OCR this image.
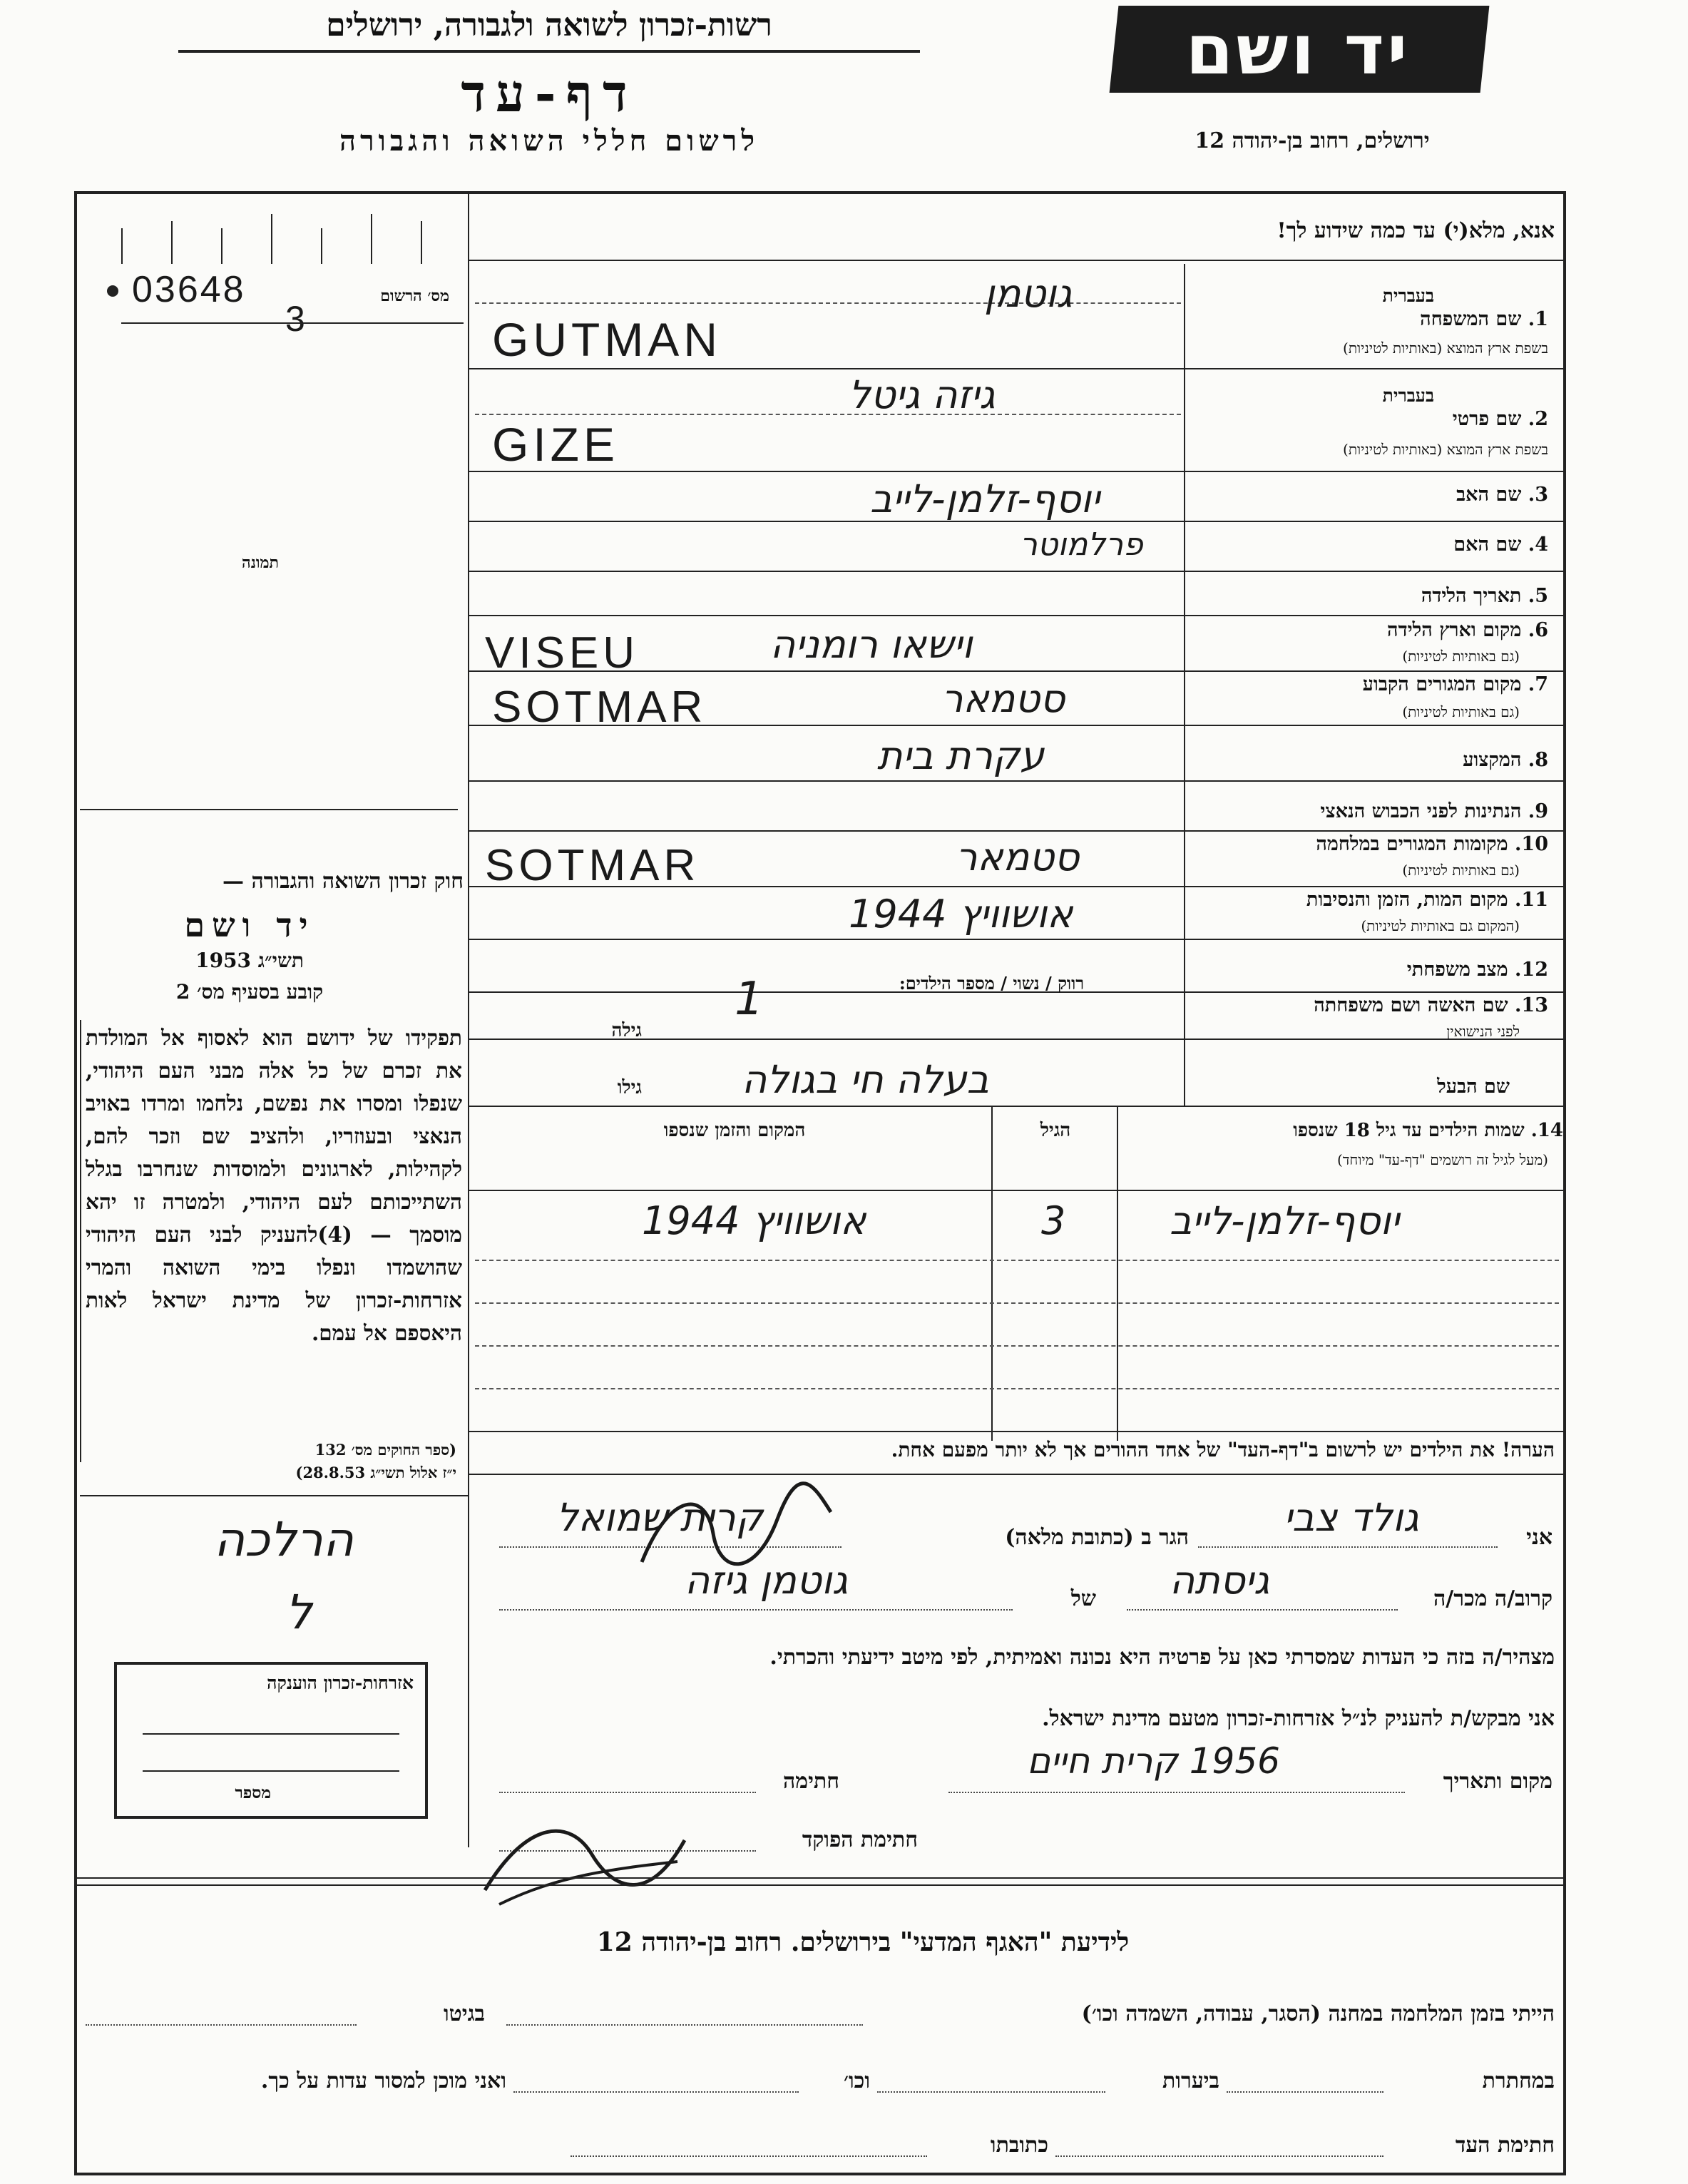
יד ושם
רשות-זכרון לשואה ולגבורה, ירושלים
דף-עד
לרשום חללי השואה והגבורה	ירושלים, רחוב בן-יהודה 12
מס׳ הרשום
03648
3
תמונה
חוק זכרון השואה והגבורה —
יד ושם
תשי״ג 1953
קובע בסעיף מס׳ 2
תפקידו של ידושם הוא לאסוף אל המולדת את זכרם של כל אלה מבני העם היהודי, שנפלו ומסרו את נפשם, נלחמו ומרדו באויב הנאצי ובעוזריו, ולהציב שם וזכר להם, לקהילות, לארגונים ולמוסדות שנחרבו בגלל השתייכותם לעם היהודי, ולמטרה זו יהא מוסמך — (4)להעניק לבני העם היהודי שהושמדו ונפלו בימי השואה והמרי אזרחות-זכרון של מדינת ישראל לאות היאספם אל עמם.
(ספר החוקים מס׳ 132
י״ז אלול תשי״ג 28.8.53)
הרלכה
ל
אזרחות-זכרון הוענקה
מספר
אנא, מלא(י) עד כמה שידוע לך!
בעברית
1. שם המשפחה
בשפת ארץ המוצא (באותיות לטיניות)
בעברית
2. שם פרטי
בשפת ארץ המוצא (באותיות לטיניות)
3. שם האב
4. שם האם
5. תאריך הלידה
6. מקום וארץ הלידה
(גם באותיות לטיניות)
7. מקום המגורים הקבוע
(גם באותיות לטיניות)
8. המקצוע
9. הנתינות לפני הכבוש הנאצי
10. מקומות המגורים במלחמה
(גם באותיות לטיניות)
11. מקום המות, הזמן והנסיבות
(המקום גם באותיות לטיניות)
12. מצב משפחתי
13. שם האשה ושם משפחתה
לפני הנישואין
שם הבעל
גוטמן
GUTMAN
גיזה גיטל
GIZE
יוסף-זלמן-לייב
פרלמוטר
וישאו רומניה
VISEU
סטמאר
SOTMAR
עקרת בית
סטמאר
SOTMAR
אושוויץ 1944
רווק / נשוי / מספר הילדים:
1
גילה
גילו	בעלה חי בגולה
14. שמות הילדים עד גיל 18 שנספו
(מעל לגיל זה רושמים "דף-עד" מיוחד)
הגיל
המקום והזמן שנספו
יוסף-זלמן-לייב
3
אושוויץ 1944
הערה! את הילדים יש לרשום ב"דף-העד" של אחד ההורים אך לא יותר מפעם אחת.
אני
גולד צבי
הגר ב (כתובת מלאה)
קרית שמואל
קרוב/ה מכר/ה
גיסתה
של
גוטמן גיזה
מצהיר/ה בזה כי העדות שמסרתי כאן על פרטיה היא נכונה ואמיתית, לפי מיטב ידיעתי והכרתי.
אני מבקש/ת להעניק לנ״ל אזרחות-זכרון מטעם מדינת ישראל.
מקום ותאריך
1956 קרית חיים
חתימה
חתימת הפוקד
לידיעת "האגף המדעי" בירושלים. רחוב בן-יהודה 12
הייתי בזמן המלחמה במחנה (הסגר, עבודה, השמדה וכו׳)
בגיטו
במחתרת
ביערות
וכו׳
ואני מוכן למסור עדות על כך.
חתימת העד
כתובתו
